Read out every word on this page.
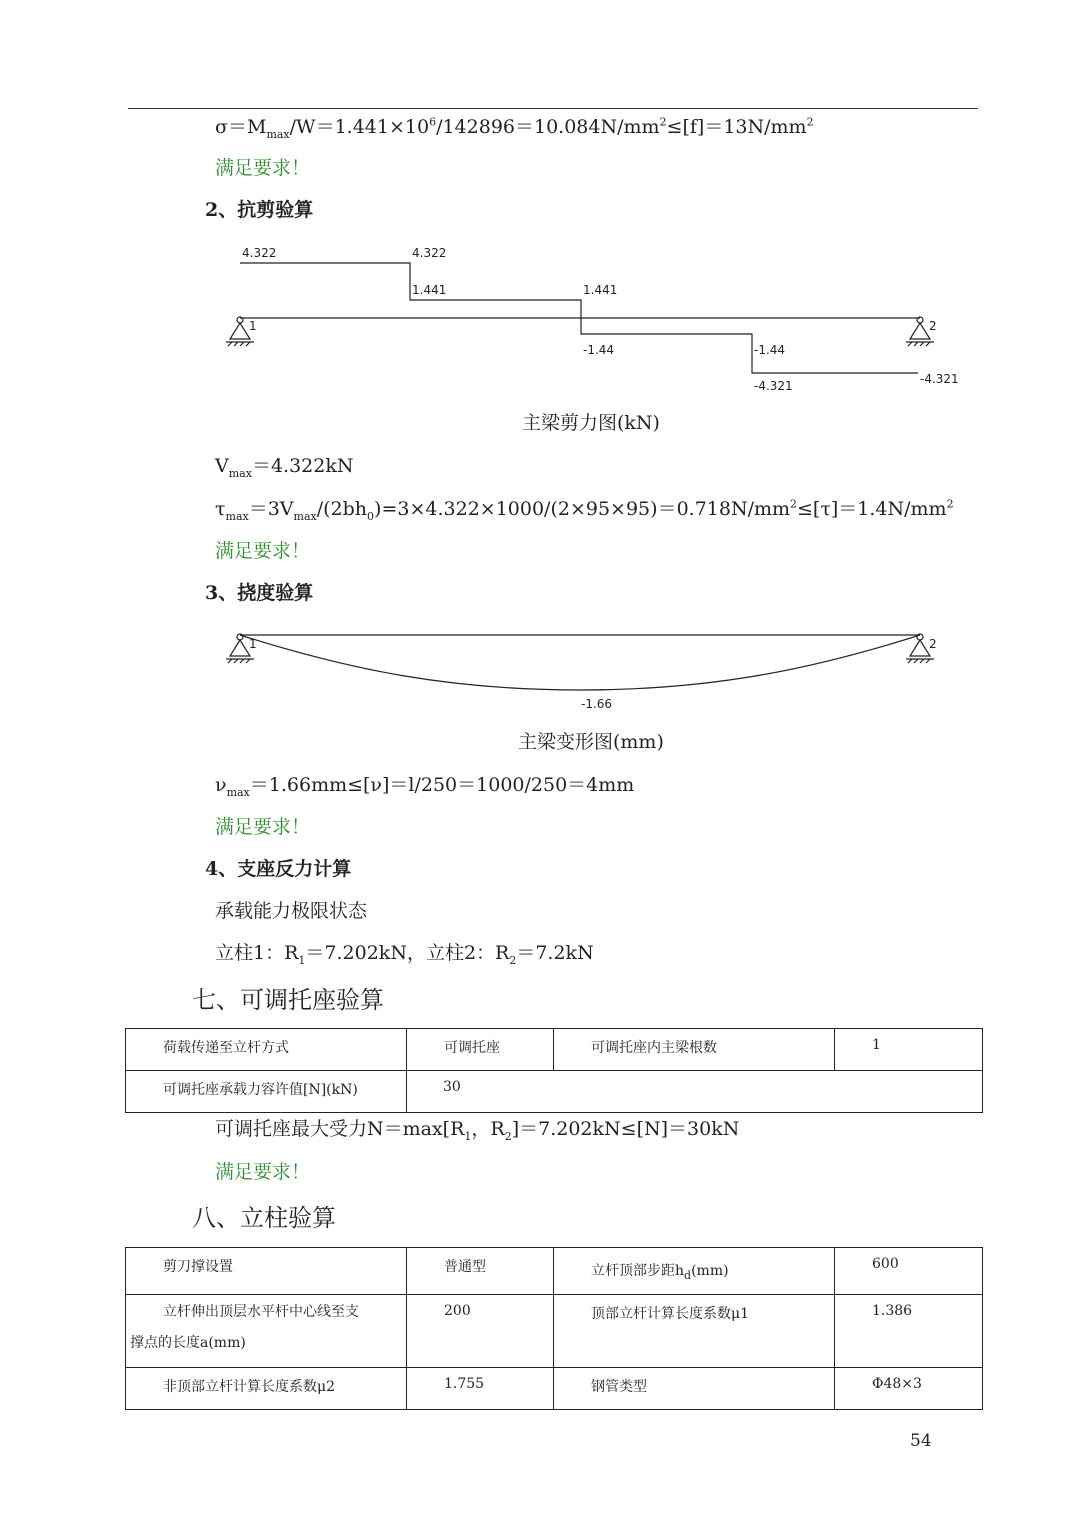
$\sigma=M_{max}/W=1.441\times 10^6/142896=10.084N/mm^2\le[f]=13N/mm^2$
满足要求！
2、抗剪验算
1	2
4.322	4.322
1.441	1.441
-1.44	-1.44
-4.321	-4.321
1	2
-1.66
主梁剪力图(kN)
$V_{max}=4.322kN$
$\tau_{max}=3V_{max}/(2bh_0)=3\times 4.322\times 1000/(2\times 95\times 95)=0.718N/mm^2\le[\tau]=1.4N/mm^2$
满足要求！
3、挠度验算
主梁变形图(mm)
$\nu_{max}=1.66mm\le[\nu]=l/250=1000/250=4mm$
满足要求！
4、支座反力计算
承载能力极限状态
立柱1：$R_1=7.202kN$，立柱2：$R_2=7.2kN$
七、可调托座验算
荷载传递至立杆方式	可调托座	可调托座内主梁根数	1
可调托座承载力容许值[N](kN)	30		
可调托座最大受力$N=\max[R_1$，$R_2]=7.202kN\le[N]=30kN$
满足要求！
八、立柱验算
剪刀撑设置	普通型	立杆顶部步距$h_d(mm)$	600

立杆伸出顶层水平杆中心线至支
撑点的长度a(mm)	200	顶部立杆计算长度系数μ1	1.386
非顶部立杆计算长度系数μ2	1.755	钢管类型	Φ48×3
54
